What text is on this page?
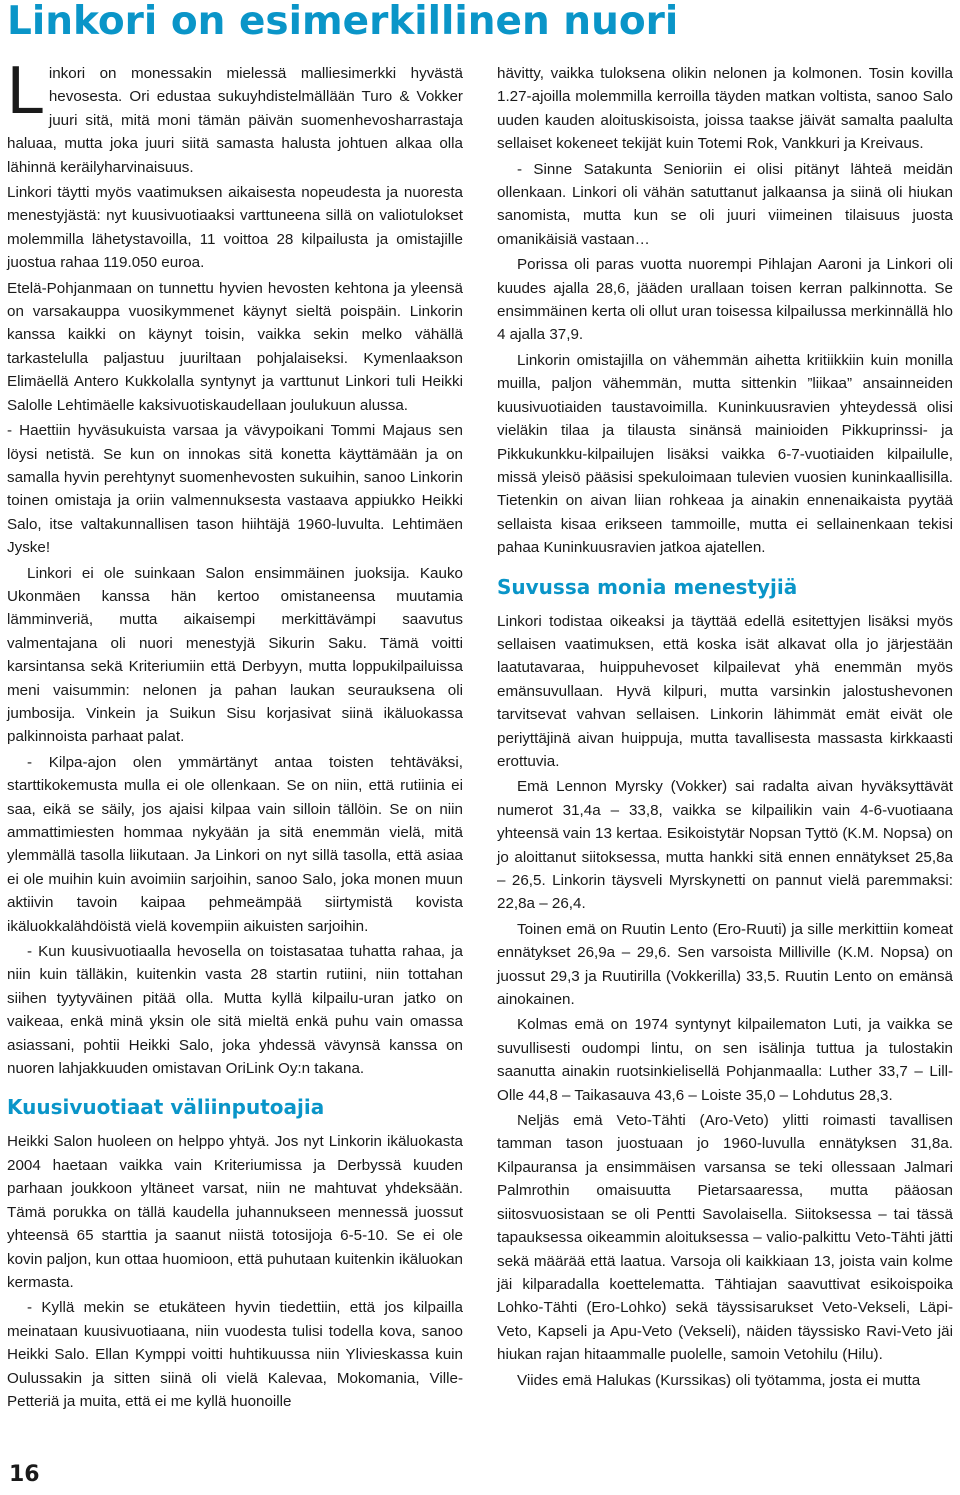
Linkori on esimerkillinen nuori

Linkori on monessakin mielessä malliesimerkki hyvästä hevosesta. Ori edustaa sukuyhdistelmällään Turo & Vokker juuri sitä, mitä moni tämän päivän suomenhevosharrastaja haluaa, mutta joka juuri siitä samasta halusta johtuen alkaa olla lähinnä keräilyharvinaisuus.

Linkori täytti myös vaatimuksen aikaisesta nopeudesta ja nuoresta menestyjästä: nyt kuusivuotiaaksi varttuneena sillä on valiotulokset molemmilla lähetystavoilla, 11 voittoa 28 kilpailusta ja omistajille juostua rahaa 119.050 euroa.

Etelä-Pohjanmaan on tunnettu hyvien hevosten kehtona ja yleensä on varsakauppa vuosikymmenet käynyt sieltä poispäin. Linkorin kanssa kaikki on käynyt toisin, vaikka sekin melko vähällä tarkastelulla paljastuu juuriltaan pohjalaiseksi. Kymenlaakson Elimäellä Antero Kukkolalla syntynyt ja varttunut Linkori tuli Heikki Salolle Lehtimäelle kaksivuotiskaudellaan joulukuun alussa.

- Haettiin hyväsukuista varsaa ja vävypoikani Tommi Majaus sen löysi netistä. Se kun on innokas sitä konetta käyttämään ja on samalla hyvin perehtynyt suomenhevosten sukuihin, sanoo Linkorin toinen omistaja ja oriin valmennuksesta vastaava appiukko Heikki Salo, itse valtakunnallisen tason hiihtäjä 1960-luvulta. Lehtimäen Jyske!

Linkori ei ole suinkaan Salon ensimmäinen juoksija. Kauko Ukonmäen kanssa hän kertoo omistaneensa muutamia lämminveriä, mutta aikaisempi merkittävämpi saavutus valmentajana oli nuori menestyjä Sikurin Saku. Tämä voitti karsintansa sekä Kriteriumiin että Derbyyn, mutta loppukilpailuissa meni vaisummin: nelonen ja pahan laukan seurauksena oli jumbosija. Vinkein ja Suikun Sisu korjasivat siinä ikäluokassa palkinnoista parhaat palat.

- Kilpa-ajon olen ymmärtänyt antaa toisten tehtäväksi, starttikokemusta mulla ei ole ollenkaan. Se on niin, että rutiinia ei saa, eikä se säily, jos ajaisi kilpaa vain silloin tällöin. Se on niin ammattimiesten hommaa nykyään ja sitä enemmän vielä, mitä ylemmällä tasolla liikutaan. Ja Linkori on nyt sillä tasolla, että asiaa ei ole muihin kuin avoimiin sarjoihin, sanoo Salo, joka monen muun aktiivin tavoin kaipaa pehmeämpää siirtymistä kovista ikäluokkalähdöistä vielä kovempiin aikuisten sarjoihin.

- Kun kuusivuotiaalla hevosella on toistasataa tuhatta rahaa, ja niin kuin tälläkin, kuitenkin vasta 28 startin rutiini, niin tottahan siihen tyytyväinen pitää olla. Mutta kyllä kilpailu-uran jatko on vaikeaa, enkä minä yksin ole sitä mieltä enkä puhu vain omassa asiassani, pohtii Heikki Salo, joka yhdessä vävynsä kanssa on nuoren lahjakkuuden omistavan OriLink Oy:n takana.

Kuusivuotiaat väliinputoajia

Heikki Salon huoleen on helppo yhtyä. Jos nyt Linkorin ikäluokasta 2004 haetaan vaikka vain Kriteriumissa ja Derbyssä kuuden parhaan joukkoon yltäneet varsat, niin ne mahtuvat yhdeksään. Tämä porukka on tällä kaudella juhannukseen mennessä juossut yhteensä 65 starttia ja saanut niistä totosijoja 6-5-10. Se ei ole kovin paljon, kun ottaa huomioon, että puhutaan kuitenkin ikäluokan kermasta.

- Kyllä mekin se etukäteen hyvin tiedettiin, että jos kilpailla meinataan kuusivuotiaana, niin vuodesta tulisi todella kova, sanoo Heikki Salo. Ellan Kymppi voitti huhtikuussa niin Ylivieskassa kuin Oulussakin ja sitten siinä oli vielä Kalevaa, Mokomania, Ville-Petteriä ja muita, että ei me kyllä huonoille

hävitty, vaikka tuloksena olikin nelonen ja kolmonen. Tosin kovilla 1.27-ajoilla molemmilla kerroilla täyden matkan voltista, sanoo Salo uuden kauden aloituskisoista, joissa taakse jäivät samalta paalulta sellaiset kokeneet tekijät kuin Totemi Rok, Vankkuri ja Kreivaus.

- Sinne Satakunta Senioriin ei olisi pitänyt lähteä meidän ollenkaan. Linkori oli vähän satuttanut jalkaansa ja siinä oli hiukan sanomista, mutta kun se oli juuri viimeinen tilaisuus juosta omanikäisiä vastaan…

Porissa oli paras vuotta nuorempi Pihlajan Aaroni ja Linkori oli kuudes ajalla 28,6, jääden urallaan toisen kerran palkinnotta. Se ensimmäinen kerta oli ollut uran toisessa kilpailussa merkinnällä hlo 4 ajalla 37,9.

Linkorin omistajilla on vähemmän aihetta kritiikkiin kuin monilla muilla, paljon vähemmän, mutta sittenkin ”liikaa” ansainneiden kuusivuotiaiden taustavoimilla. Kuninkuusravien yhteydessä olisi vieläkin tilaa ja tilausta sinänsä mainioiden Pikkuprinssi- ja Pikkukunkku-kilpailujen lisäksi vaikka 6-7-vuotiaiden kilpailulle, missä yleisö pääsisi spekuloimaan tulevien vuosien kuninkaallisilla. Tietenkin on aivan liian rohkeaa ja ainakin ennenaikaista pyytää sellaista kisaa erikseen tammoille, mutta ei sellainenkaan tekisi pahaa Kuninkuusravien jatkoa ajatellen.

Suvussa monia menestyjiä

Linkori todistaa oikeaksi ja täyttää edellä esitettyjen lisäksi myös sellaisen vaatimuksen, että koska isät alkavat olla jo järjestään laatutavaraa, huippuhevoset kilpailevat yhä enemmän myös emänsuvullaan. Hyvä kilpuri, mutta varsinkin jalostushevonen tarvitsevat vahvan sellaisen. Linkorin lähimmät emät eivät ole periyttäjinä aivan huippuja, mutta tavallisesta massasta kirkkaasti erottuvia.

Emä Lennon Myrsky (Vokker) sai radalta aivan hyväksyttävät numerot 31,4a – 33,8, vaikka se kilpailikin vain 4-6-vuotiaana yhteensä vain 13 kertaa. Esikoistytär Nopsan Tyttö (K.M. Nopsa) on jo aloittanut siitoksessa, mutta hankki sitä ennen ennätykset 25,8a – 26,5. Linkorin täysveli Myrskynetti on pannut vielä paremmaksi: 22,8a – 26,4.

Toinen emä on Ruutin Lento (Ero-Ruuti) ja sille merkittiin komeat ennätykset 26,9a – 29,6. Sen varsoista Milliville (K.M. Nopsa) on juossut 29,3 ja Ruutirilla (Vokkerilla) 33,5. Ruutin Lento on emänsä ainokainen.

Kolmas emä on 1974 syntynyt kilpailematon Luti, ja vaikka se suvullisesti oudompi lintu, on sen isälinja tuttua ja tulostakin saanutta ainakin ruotsinkielisellä Pohjanmaalla: Luther 33,7 – Lill-Olle 44,8 – Taikasauva 43,6 – Loiste 35,0 – Lohdutus 28,3.

Neljäs emä Veto-Tähti (Aro-Veto) ylitti roimasti tavallisen tamman tason juostuaan jo 1960-luvulla ennätyksen 31,8a. Kilpauransa ja ensimmäisen varsansa se teki ollessaan Jalmari Palmrothin omaisuutta Pietarsaaressa, mutta pääosan siitosvuosistaan se oli Pentti Savolaisella. Siitoksessa – tai tässä tapauksessa oikeammin aloituksessa – valio-palkittu Veto-Tähti jätti sekä määrää että laatua. Varsoja oli kaikkiaan 13, joista vain kolme jäi kilparadalla koettelematta. Tähtiajan saavuttivat esikoispoika Lohko-Tähti (Ero-Lohko) sekä täyssisarukset Veto-Vekseli, Läpi-Veto, Kapseli ja Apu-Veto (Vekseli), näiden täyssisko Ravi-Veto jäi hiukan rajan hitaammalle puolelle, samoin Vetohilu (Hilu).

Viides emä Halukas (Kurssikas) oli työtamma, josta ei mutta

16
